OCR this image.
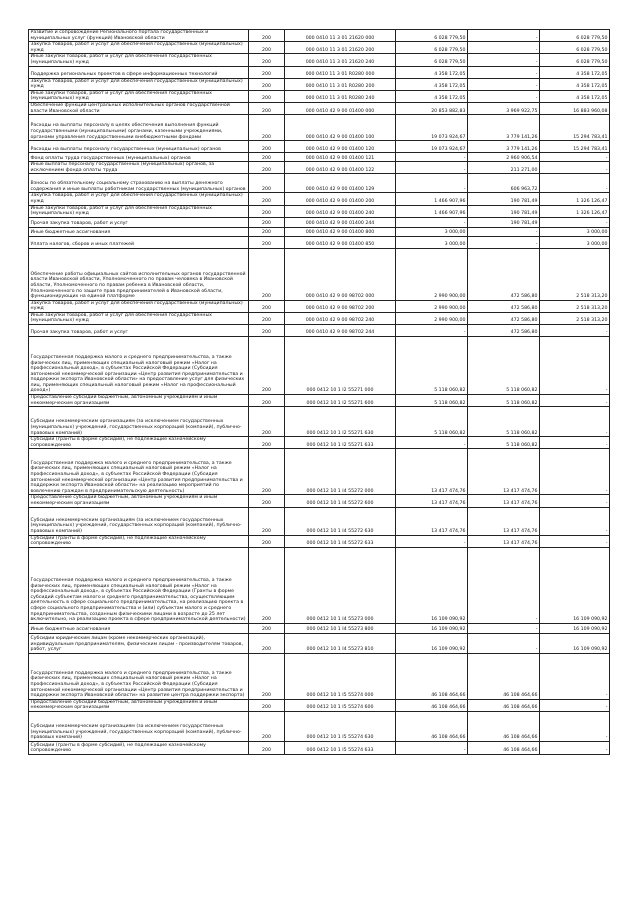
Развитие и сопровождение Регионального портала государственных и муниципальных услуг (функций) Ивановской области	200	000 0410 11 3 01 21620 000	6 028 779,50	-	6 028 779,50
Закупка товаров, работ и услуг для обеспечения государственных (муниципальных) нужд	200	000 0410 11 3 01 21620 200	6 028 779,50	-	6 028 779,50
Иные закупки товаров, работ и услуг для обеспечения государственных (муниципальных) нужд	200	000 0410 11 3 01 21620 240	6 028 779,50	-	6 028 779,50
Поддержка региональных проектов в сфере информационных технологий	200	000 0410 11 3 01 R0280 000	4 358 172,05	-	4 358 172,05
Закупка товаров, работ и услуг для обеспечения государственных (муниципальных) нужд	200	000 0410 11 3 01 R0280 200	4 358 172,05	-	4 358 172,05
Иные закупки товаров, работ и услуг для обеспечения государственных (муниципальных) нужд	200	000 0410 11 3 01 R0280 240	4 358 172,05	-	4 358 172,05
Обеспечение функций центральных исполнительных органов государственной власти Ивановской области	200	000 0410 42 9 00 01400 000	20 853 882,83	3 969 922,75	16 883 960,08
Расходы на выплаты персоналу в целях обеспечения выполнения функций государственными (муниципальными) органами, казенными учреждениями, органами управления государственными внебюджетными фондами	200	000 0410 42 9 00 01400 100	19 073 924,67	3 779 141,26	15 294 783,41
Расходы на выплаты персоналу государственных (муниципальных) органов	200	000 0410 42 9 00 01400 120	19 073 924,67	3 779 141,26	15 294 783,41
Фонд оплаты труда государственных (муниципальных) органов	200	000 0410 42 9 00 01400 121	-	2 960 906,54	-
Иные выплаты персоналу государственных (муниципальных) органов, за исключением фонда оплаты труда	200	000 0410 42 9 00 01400 122	-	211 271,00	-
Взносы по обязательному социальному страхованию на выплаты денежного содержания и иные выплаты работникам государственных (муниципальных) органов	200	000 0410 42 9 00 01400 129	-	606 963,72	-
Закупка товаров, работ и услуг для обеспечения государственных (муниципальных) нужд	200	000 0410 42 9 00 01400 200	1 466 907,96	190 781,49	1 326 126,47
Иные закупки товаров, работ и услуг для обеспечения государственных (муниципальных) нужд	200	000 0410 42 9 00 01400 240	1 466 907,96	190 781,49	1 326 126,47
Прочая закупка товаров, работ и услуг	200	000 0410 42 9 00 01400 244	-	190 781,49	-
Иные бюджетные ассигнования	200	000 0410 42 9 00 01400 800	3 000,00	-	3 000,00
Уплата налогов, сборов и иных платежей	200	000 0410 42 9 00 01400 850	3 000,00	-	3 000,00
Обеспечение работы официальных сайтов исполнительных органов государственной власти Ивановской области, Уполномоченного по правам человека в Ивановской области, Уполномоченного по правам ребенка в Ивановской области, Уполномоченного по защите прав предпринимателей в Ивановской области, функционирующих на единой платформе	200	000 0410 42 9 00 98702 000	2 990 900,00	472 586,80	2 518 313,20
Закупка товаров, работ и услуг для обеспечения государственных (муниципальных) нужд	200	000 0410 42 9 00 98702 200	2 990 900,00	472 586,80	2 518 313,20
Иные закупки товаров, работ и услуг для обеспечения государственных (муниципальных) нужд	200	000 0410 42 9 00 98702 240	2 990 900,00	472 586,80	2 518 313,20
Прочая закупка товаров, работ и услуг	200	000 0410 42 9 00 98702 244	-	472 586,80	-
Государственная поддержка малого и среднего предпринимательства, а также физических лиц, применяющих специальный налоговый режим «Налог на профессиональный доход», в субъектах Российской Федерации (Субсидия автономной некоммерческой организации «Центр развития предпринимательства и поддержки экспорта Ивановской области» на предоставление услуг для физических лиц, применяющих специальный налоговый режим «Налог на профессиональный доход»)	200	000 0412 10 1 I2 55271 000	5 118 060,82	5 118 060,82	-
Предоставление субсидий бюджетным, автономным учреждениям и иным некоммерческим организациям	200	000 0412 10 1 I2 55271 600	5 118 060,82	5 118 060,82	-
Субсидии некоммерческим организациям (за исключением государственных (муниципальных) учреждений, государственных корпораций (компаний), публично-правовых компаний)	200	000 0412 10 1 I2 55271 630	5 118 060,82	5 118 060,82	-
Субсидии (гранты в форме субсидий), не подлежащие казначейскому сопровождению	200	000 0412 10 1 I2 55271 633	-	5 118 060,82	-
Государственная поддержка малого и среднего предпринимательства, а также физических лиц, применяющих специальный налоговый режим «Налог на профессиональный доход», в субъектах Российской Федерации (Субсидия автономной некоммерческой организации «Центр развития предпринимательства и поддержки экспорта Ивановской области» на реализацию мероприятий по вовлечению граждан в предпринимательскую деятельность)	200	000 0412 10 1 I4 55272 000	13 417 474,76	13 417 474,76	-
Предоставление субсидий бюджетным, автономным учреждениям и иным некоммерческим организациям	200	000 0412 10 1 I4 55272 600	13 417 474,76	13 417 474,76	-
Субсидии некоммерческим организациям (за исключением государственных (муниципальных) учреждений, государственных корпораций (компаний), публично-правовых компаний)	200	000 0412 10 1 I4 55272 630	13 417 474,76	13 417 474,76	-
Субсидии (гранты в форме субсидий), не подлежащие казначейскому сопровождению	200	000 0412 10 1 I4 55272 633	-	13 417 474,76	-
Государственная поддержка малого и среднего предпринимательства, а также физических лиц, применяющих специальный налоговый режим «Налог на профессиональный доход», в субъектах Российской Федерации (Гранты в форме субсидий субъектам малого и среднего предпринимательства, осуществляющим деятельность в сфере социального предпринимательства, на реализацию проекта в сфере социального предпринимательства и (или) субъектам малого и среднего предпринимательства, созданным физическими лицами в возрасте до 25 лет включительно, на реализацию проекта в сфере предпринимательской деятельности)	200	000 0412 10 1 I4 55273 000	16 109 090,92	-	16 109 090,92
Иные бюджетные ассигнования	200	000 0412 10 1 I4 55273 800	16 109 090,92	-	16 109 090,92
Субсидии юридическим лицам (кроме некоммерческих организаций), индивидуальным предпринимателям, физическим лицам - производителям товаров, работ, услуг	200	000 0412 10 1 I4 55273 810	16 109 090,92	-	16 109 090,92
Государственная поддержка малого и среднего предпринимательства, а также физических лиц, применяющих специальный налоговый режим «Налог на профессиональный доход», в субъектах Российской Федерации (Субсидия автономной некоммерческой организации «Центр развития предпринимательства и поддержки экспорта Ивановской области» на развитие центра поддержки экспорта)	200	000 0412 10 1 I5 55274 000	46 108 464,66	46 108 464,66	-
Предоставление субсидий бюджетным, автономным учреждениям и иным некоммерческим организациям	200	000 0412 10 1 I5 55274 600	46 108 464,66	46 108 464,66	-
Субсидии некоммерческим организациям (за исключением государственных (муниципальных) учреждений, государственных корпораций (компаний), публично-правовых компаний)	200	000 0412 10 1 I5 55274 630	46 108 464,66	46 108 464,66	-
Субсидии (гранты в форме субсидий), не подлежащие казначейскому сопровождению	200	000 0412 10 1 I5 55274 633	-	46 108 464,66	-
